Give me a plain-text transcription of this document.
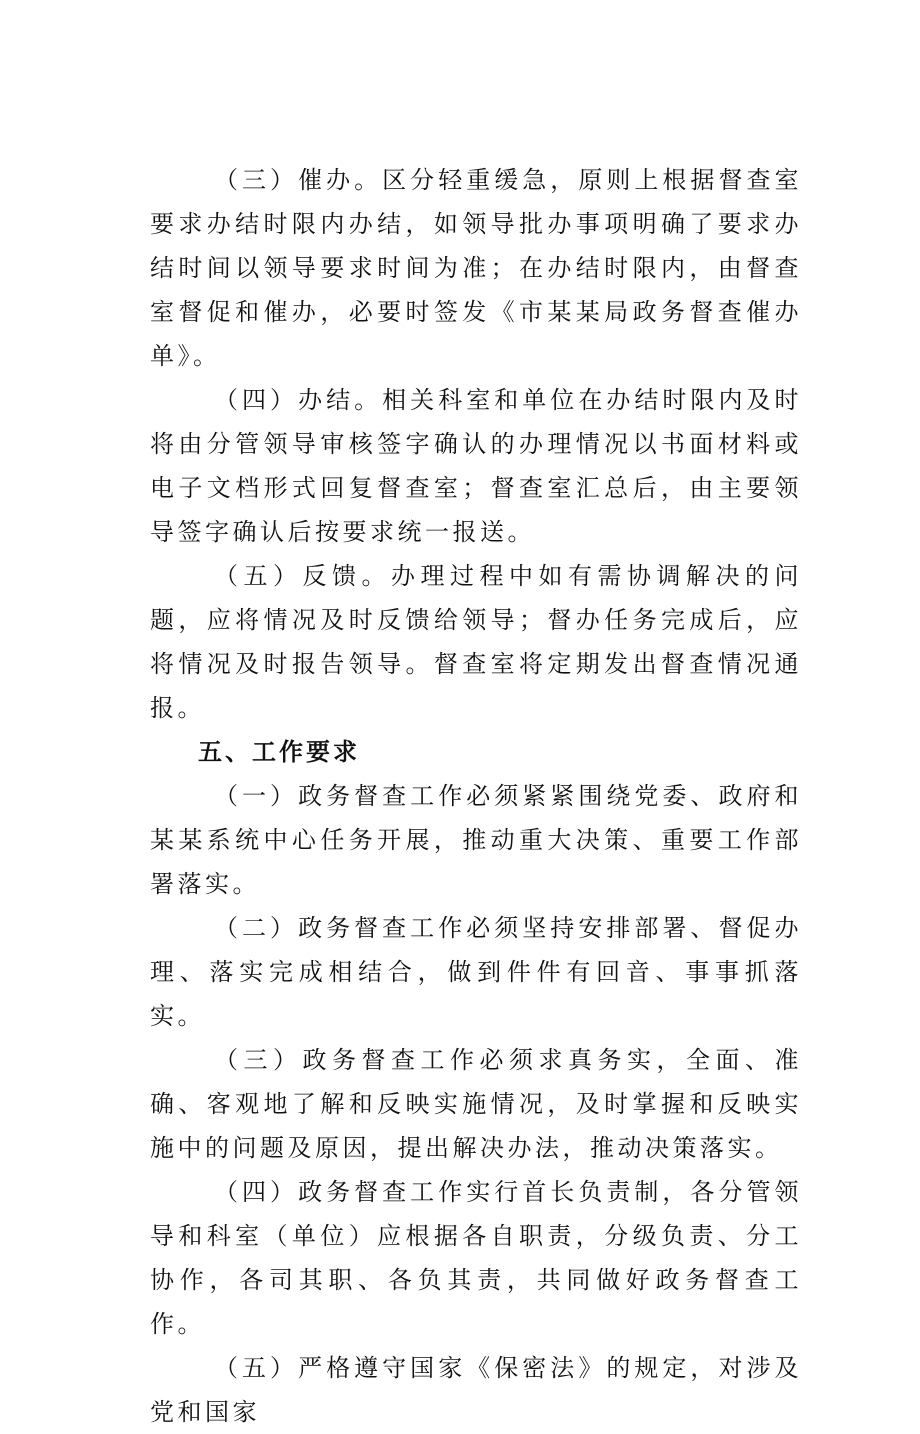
（三）催办。区分轻重缓急，原则上根据督查室要求办结时限内办结，如领导批办事项明确了要求办结时间以领导要求时间为准；在办结时限内，由督查室督促和催办，必要时签发《市某某局政务督查催办单》。

（四）办结。相关科室和单位在办结时限内及时将由分管领导审核签字确认的办理情况以书面材料或电子文档形式回复督查室；督查室汇总后，由主要领导签字确认后按要求统一报送。

（五）反馈。办理过程中如有需协调解决的问题，应将情况及时反馈给领导；督办任务完成后，应将情况及时报告领导。督查室将定期发出督查情况通报。

五、工作要求

（一）政务督查工作必须紧紧围绕党委、政府和某某系统中心任务开展，推动重大决策、重要工作部署落实。

（二）政务督查工作必须坚持安排部署、督促办理、落实完成相结合，做到件件有回音、事事抓落实。

（三）政务督查工作必须求真务实，全面、准确、客观地了解和反映实施情况，及时掌握和反映实施中的问题及原因，提出解决办法，推动决策落实。

（四）政务督查工作实行首长负责制，各分管领导和科室（单位）应根据各自职责，分级负责、分工协作，各司其职、各负其责，共同做好政务督查工作。

（五）严格遵守国家《保密法》的规定，对涉及党和国家
